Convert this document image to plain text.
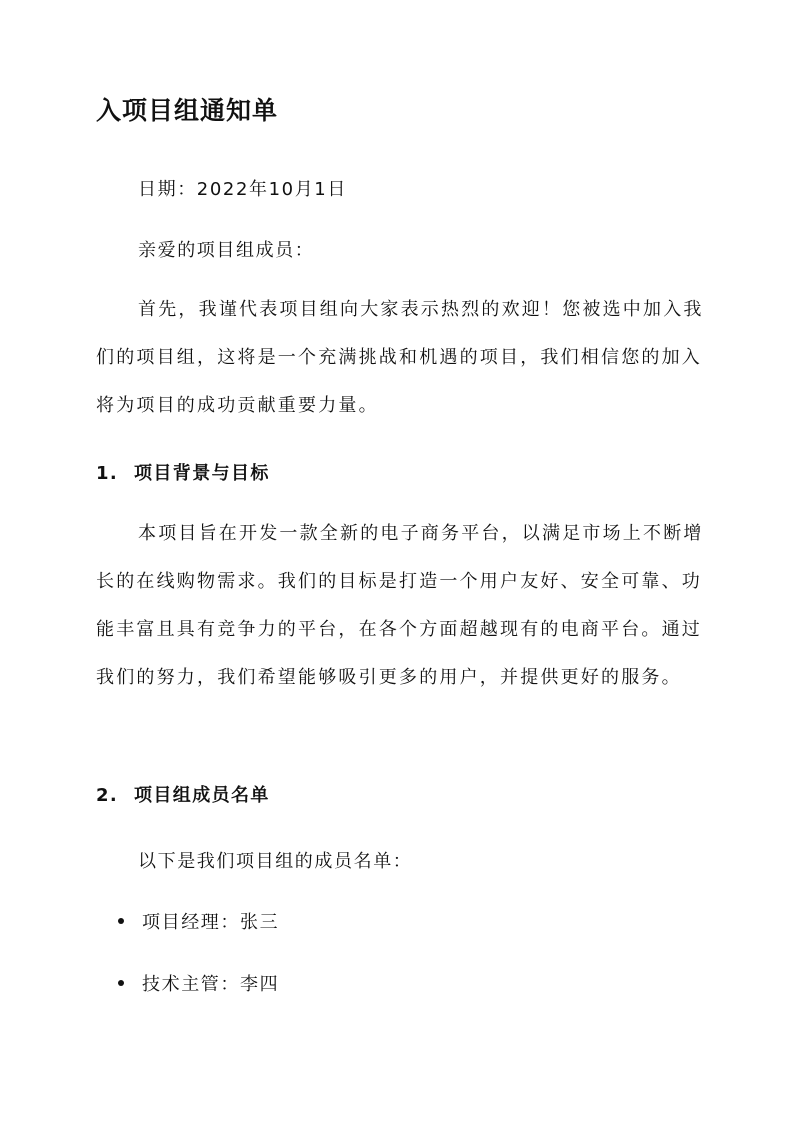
入项目组通知单
日期：2022年10月1日
亲爱的项目组成员：
首先，我谨代表项目组向大家表示热烈的欢迎！您被选中加入我们的项目组，这将是一个充满挑战和机遇的项目，我们相信您的加入将为项目的成功贡献重要力量。
1. 项目背景与目标
本项目旨在开发一款全新的电子商务平台，以满足市场上不断增长的在线购物需求。我们的目标是打造一个用户友好、安全可靠、功能丰富且具有竞争力的平台，在各个方面超越现有的电商平台。通过我们的努力，我们希望能够吸引更多的用户，并提供更好的服务。
2. 项目组成员名单
以下是我们项目组的成员名单：
项目经理：张三
技术主管：李四
